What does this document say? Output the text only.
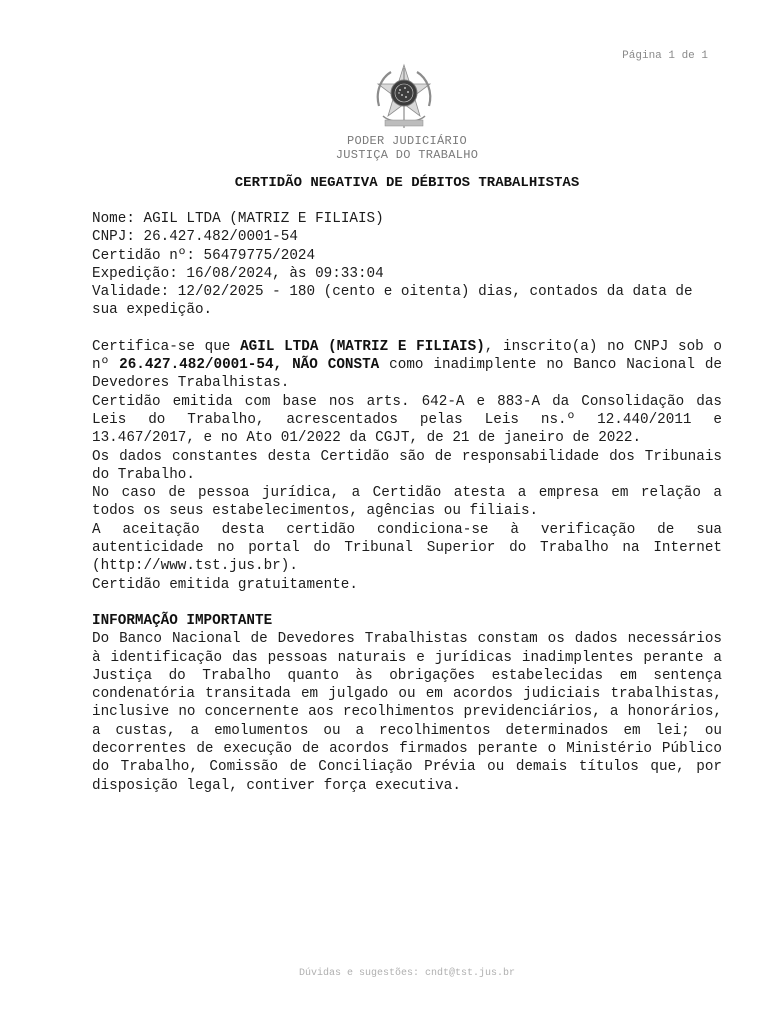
Página 1 de 1
PODER JUDICIÁRIO
JUSTIÇA DO TRABALHO
CERTIDÃO NEGATIVA DE DÉBITOS TRABALHISTAS
Nome: AGIL LTDA (MATRIZ E FILIAIS)
CNPJ: 26.427.482/0001-54
Certidão nº: 56479775/2024
Expedição: 16/08/2024, às 09:33:04
Validade: 12/02/2025 - 180 (cento e oitenta) dias, contados da data de sua expedição.
Certifica-se que AGIL LTDA (MATRIZ E FILIAIS), inscrito(a) no CNPJ sob o nº 26.427.482/0001-54, NÃO CONSTA como inadimplente no Banco Nacional de Devedores Trabalhistas.
Certidão emitida com base nos arts. 642-A e 883-A da Consolidação das Leis do Trabalho, acrescentados pelas Leis ns.º 12.440/2011 e 13.467/2017, e no Ato 01/2022 da CGJT, de 21 de janeiro de 2022.
Os dados constantes desta Certidão são de responsabilidade dos Tribunais do Trabalho.
No caso de pessoa jurídica, a Certidão atesta a empresa em relação a todos os seus estabelecimentos, agências ou filiais.
A aceitação desta certidão condiciona-se à verificação de sua autenticidade no portal do Tribunal Superior do Trabalho na Internet (http://www.tst.jus.br).
Certidão emitida gratuitamente.
INFORMAÇÃO IMPORTANTE
Do Banco Nacional de Devedores Trabalhistas constam os dados necessários à identificação das pessoas naturais e jurídicas inadimplentes perante a Justiça do Trabalho quanto às obrigações estabelecidas em sentença condenatória transitada em julgado ou em acordos judiciais trabalhistas, inclusive no concernente aos recolhimentos previdenciários, a honorários, a custas, a emolumentos ou a recolhimentos determinados em lei; ou decorrentes de execução de acordos firmados perante o Ministério Público do Trabalho, Comissão de Conciliação Prévia ou demais títulos que, por disposição legal, contiver força executiva.
Dúvidas e sugestões: cndt@tst.jus.br
